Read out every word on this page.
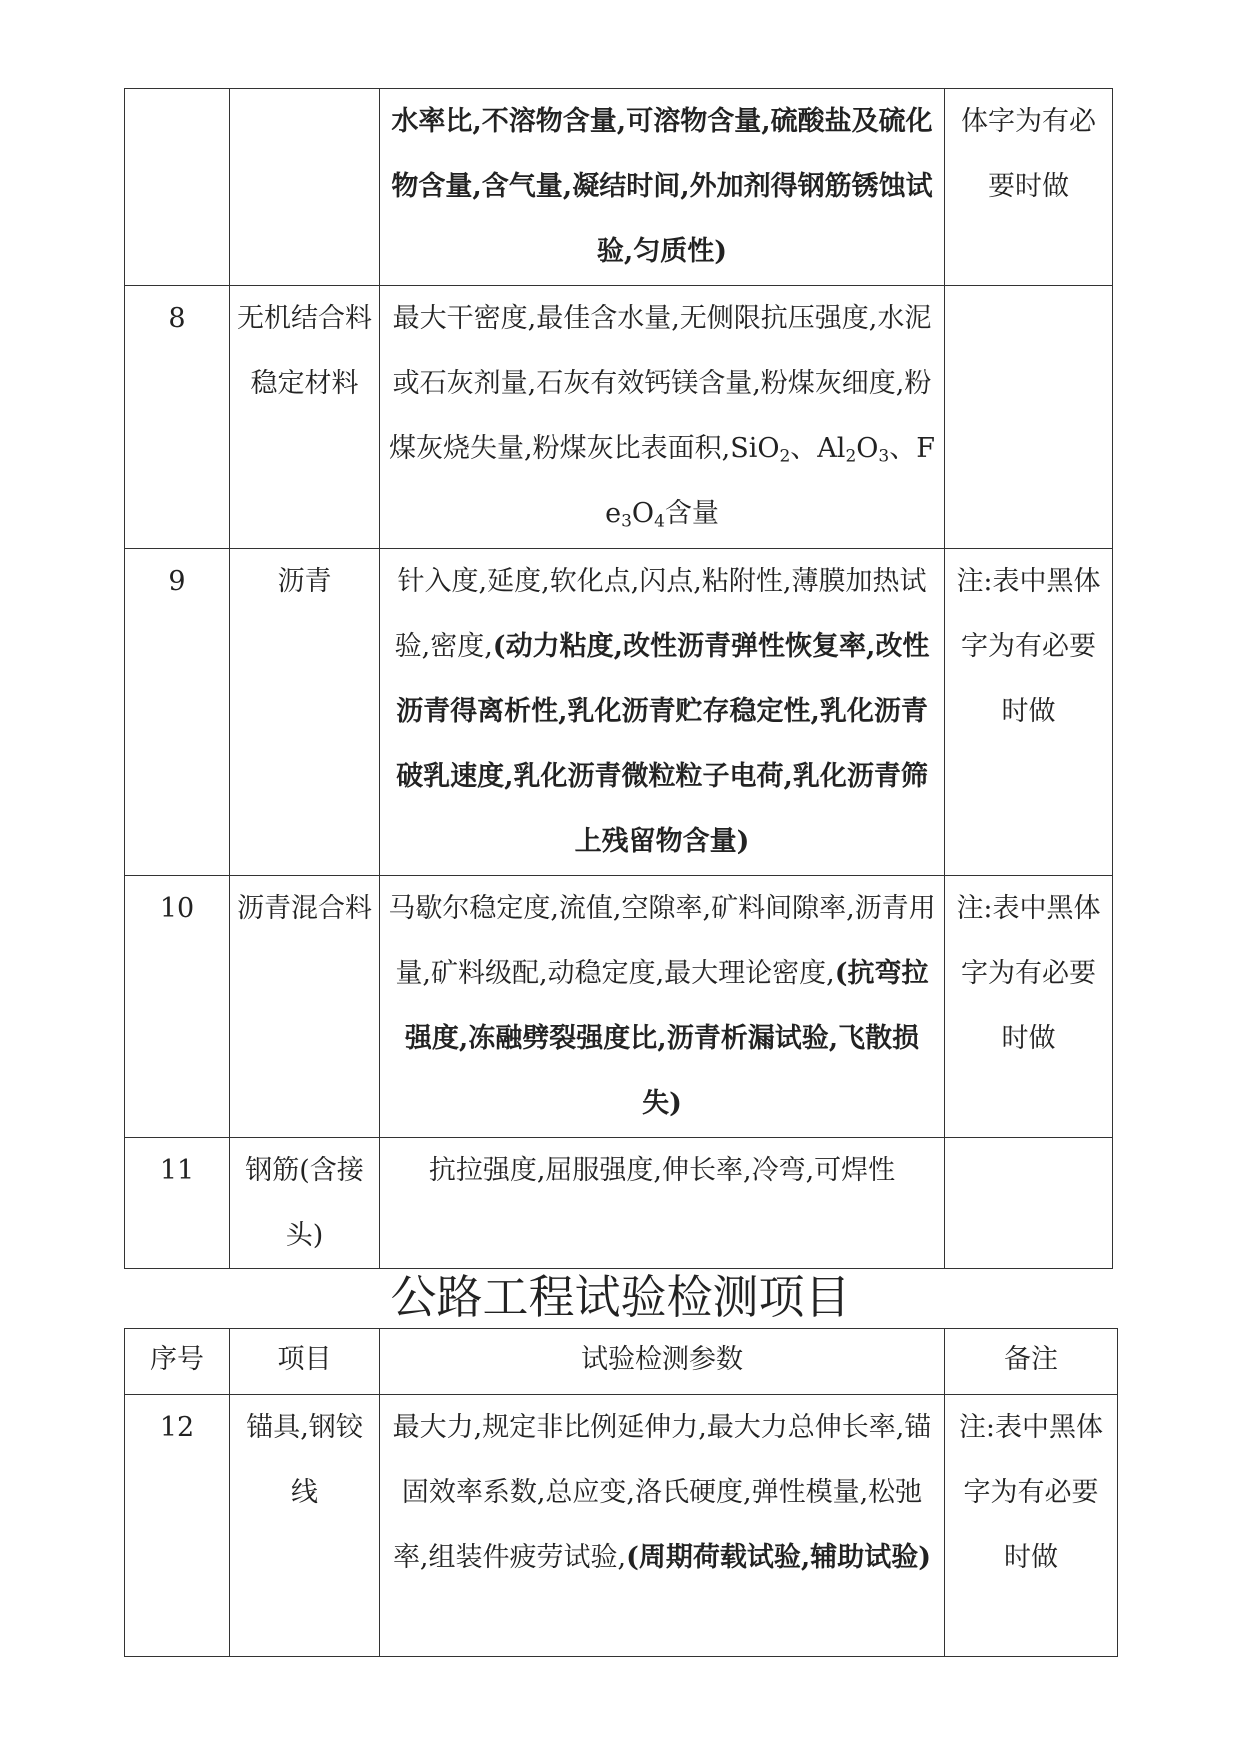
		水率比,不溶物含量,可溶物含量,硫酸盐及硫化物含量,含气量,凝结时间,外加剂得钢筋锈蚀试验,匀质性)	体字为有必要时做
8	无机结合料稳定材料	最大干密度,最佳含水量,无侧限抗压强度,水泥或石灰剂量,石灰有效钙镁含量,粉煤灰细度,粉煤灰烧失量,粉煤灰比表面积,SiO$_2$、$Al_2O_3$、$Fe_3O_4$含量	
9	沥青	针入度,延度,软化点,闪点,粘附性,薄膜加热试验,密度,(动力粘度,改性沥青弹性恢复率,改性沥青得离析性,乳化沥青贮存稳定性,乳化沥青破乳速度,乳化沥青微粒粒子电荷,乳化沥青筛上残留物含量)	注:表中黑体字为有必要时做
10	沥青混合料	马歇尔稳定度,流值,空隙率,矿料间隙率,沥青用量,矿料级配,动稳定度,最大理论密度,(抗弯拉强度,冻融劈裂强度比,沥青析漏试验,飞散损失)	注:表中黑体字为有必要时做
11	钢筋(含接头)	抗拉强度,屈服强度,伸长率,冷弯,可焊性	
公路工程试验检测项目
序号	项目	试验检测参数	备注
12	锚具,钢铰线	最大力,规定非比例延伸力,最大力总伸长率,锚固效率系数,总应变,洛氏硬度,弹性模量,松弛率,组装件疲劳试验,(周期荷载试验,辅助试验)	注:表中黑体字为有必要时做
